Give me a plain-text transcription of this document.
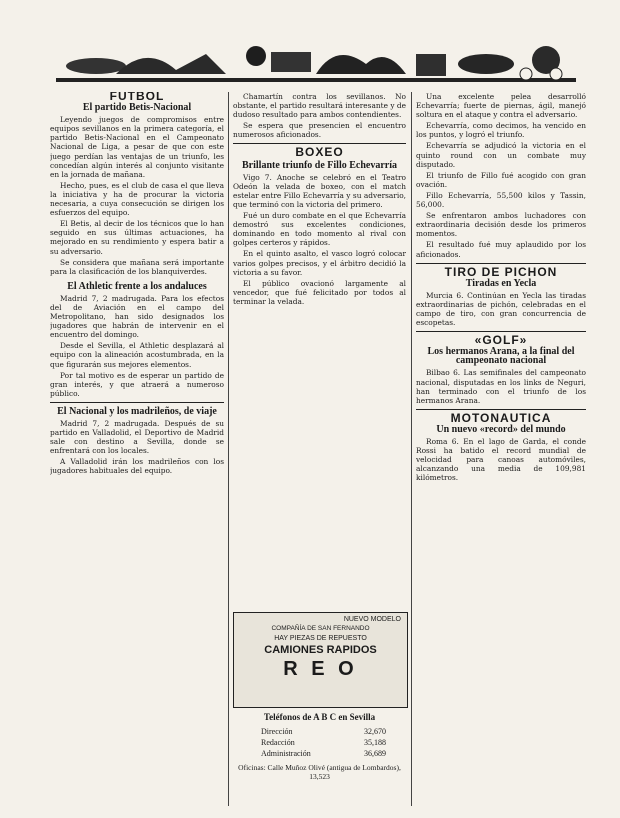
FUTBOL
El partido Betis-Nacional

Leyendo juegos de compromisos entre equipos sevillanos en la primera categoría, el partido Betis-Nacional en el Campeonato Nacional de Liga, a pesar de que con este juego perdían las ventajas de un triunfo, les concedían algún interés al conjunto visitante en la jornada de mañana.

Hecho, pues, es el club de casa el que lleva la iniciativa y ha de procurar la victoria necesaria, a cuya consecución se dirigen los esfuerzos del equipo.

El Betis, al decir de los técnicos que lo han seguido en sus últimas actuaciones, ha mejorado en su rendimiento y espera batir a su adversario.

Se considera que mañana será importante para la clasificación de los blanquiverdes.

El Athletic frente a los andaluces

Madrid 7, 2 madrugada. Para los efectos del de Aviación en el campo del Metropolitano, han sido designados los jugadores que habrán de intervenir en el encuentro del domingo.

Desde el Sevilla, el Athletic desplazará al equipo con la alineación acostumbrada, en la que figurarán sus mejores elementos.

Por tal motivo es de esperar un partido de gran interés, y que atraerá a numeroso público.

El Nacional y los madrileños, de viaje

Madrid 7, 2 madrugada. Después de su partido en Valladolid, el Deportivo de Madrid sale con destino a Sevilla, donde se enfrentará con los locales.

A Valladolid irán los madrileños con los jugadores habituales del equipo.

Chamartín contra los sevillanos. No obstante, el partido resultará interesante y de dudoso resultado para ambos contendientes.

Se espera que presencien el encuentro numerosos aficionados.

BOXEO
Brillante triunfo de Fillo Echevarría

Vigo 7. Anoche se celebró en el Teatro Odeón la velada de boxeo, con el match estelar entre Fillo Echevarría y su adversario, que terminó con la victoria del primero.

Fué un duro combate en el que Echevarría demostró sus excelentes condiciones, dominando en todo momento al rival con golpes certeros y rápidos.

En el quinto asalto, el vasco logró colocar varios golpes precisos, y el árbitro decidió la victoria a su favor.

El público ovacionó largamente al vencedor, que fué felicitado por todos al terminar la velada.

NUEVO MODELO
COMPAÑÍA DE SAN FERNANDO
HAY PIEZAS DE REPUESTO
CAMIONES RAPIDOS
R E O
Teléfonos de A B C en Sevilla
Dirección	32,670
Redacción	35,188
Administración	36,689
Oficinas: Calle Muñoz Olivé (antigua de Lombardos), 13,523

Una excelente pelea desarrolló Echevarría; fuerte de piernas, ágil, manejó soltura en el ataque y contra el adversario.

Echevarría, como decimos, ha vencido en los puntos, y logró el triunfo.

Echevarría se adjudicó la victoria en el quinto round con un combate muy disputado.

El triunfo de Fillo fué acogido con gran ovación.

Fillo Echevarría, 55,500 kilos y Tassin, 56,000.

Se enfrentaron ambos luchadores con extraordinaria decisión desde los primeros momentos.

El resultado fué muy aplaudido por los aficionados.

TIRO DE PICHON
Tiradas en Yecla

Murcia 6. Continúan en Yecla las tiradas extraordinarias de pichón, celebradas en el campo de tiro, con gran concurrencia de escopetas.

«GOLF»
Los hermanos Arana, a la final del campeonato nacional

Bilbao 6. Las semifinales del campeonato nacional, disputadas en los links de Neguri, han terminado con el triunfo de los hermanos Arana.

MOTONAUTICA
Un nuevo «record» del mundo

Roma 6. En el lago de Garda, el conde Rossi ha batido el record mundial de velocidad para canoas automóviles, alcanzando una media de 109,981 kilómetros.
